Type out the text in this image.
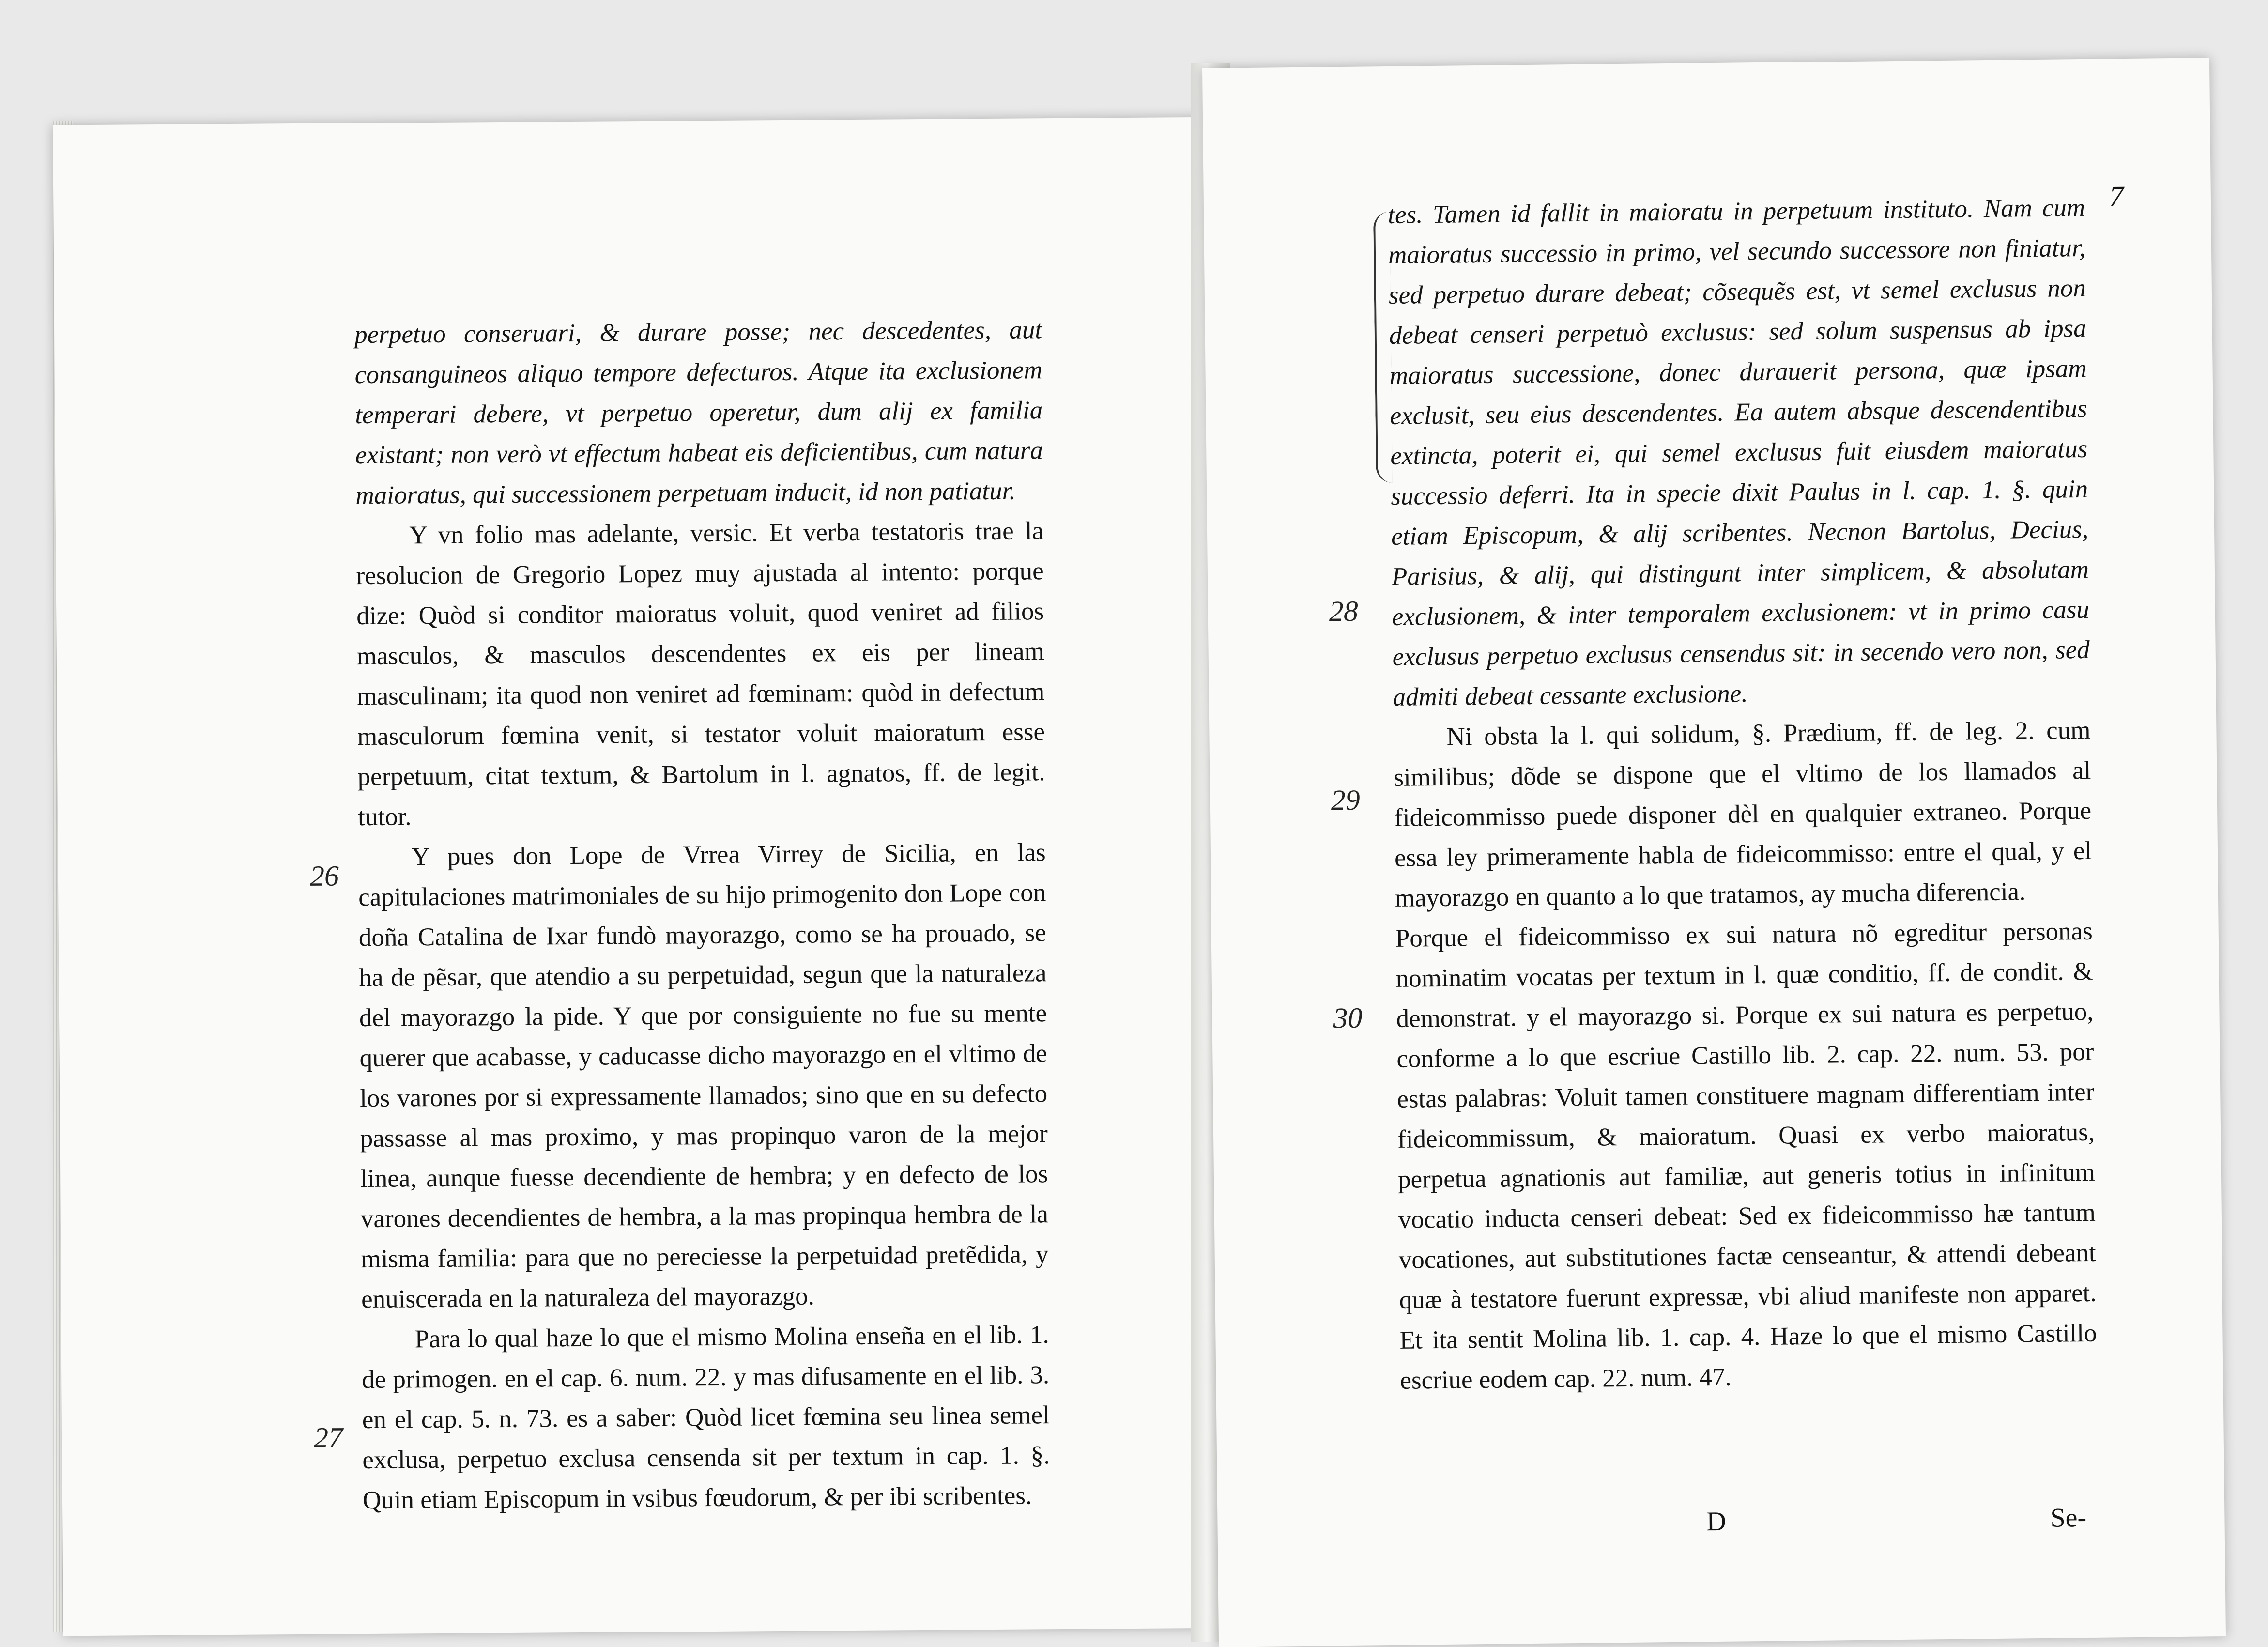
perpetuo conseruari, & durare posse; nec descedentes, aut consanguineos aliquo tempore defecturos. Atque ita exclusionem temperari debere, vt perpetuo operetur, dum alij ex familia existant; non verò vt effectum habeat eis deficientibus, cum natura maioratus, qui successionem perpetuam inducit, id non patiatur.

Y vn folio mas adelante, versic. Et verba testatoris trae la resolucion de Gregorio Lopez muy ajustada al intento: porque dize: Quòd si conditor maioratus voluit, quod veniret ad filios masculos, & masculos descendentes ex eis per lineam masculinam; ita quod non veniret ad fœminam: quòd in defectum masculorum fœmina venit, si testator voluit maioratum esse perpetuum, citat textum, & Bartolum in l. agnatos, ff. de legit. tutor.

Y pues don Lope de Vrrea Virrey de Sicilia, en las capitulaciones matrimoniales de su hijo primogenito don Lope con doña Catalina de Ixar fundò mayorazgo, como se ha prouado, se ha de pẽsar, que atendio a su perpetuidad, segun que la naturaleza del mayorazgo la pide. Y que por consiguiente no fue su mente querer que acabasse, y caducasse dicho mayorazgo en el vltimo de los varones por si expressamente llamados; sino que en su defecto passasse al mas proximo, y mas propinquo varon de la mejor linea, aunque fuesse decendiente de hembra; y en defecto de los varones decendientes de hembra, a la mas propinqua hembra de la misma familia: para que no pereciesse la perpetuidad pretẽdida, y enuiscerada en la naturaleza del mayorazgo.

Para lo qual haze lo que el mismo Molina enseña en el lib. 1. de primogen. en el cap. 6. num. 22. y mas difusamente en el lib. 3. en el cap. 5. n. 73. es a saber: Quòd licet fœmina seu linea semel exclusa, perpetuo exclusa censenda sit per textum in cap. 1. §. Quin etiam Episcopum in vsibus fœudorum, & per ibi scribentes.

26
27
7

tes. Tamen id fallit in maioratu in perpetuum instituto. Nam cum maioratus successio in primo, vel secundo successore non finiatur, sed perpetuo durare debeat; cõsequẽs est, vt semel exclusus non debeat censeri perpetuò exclusus: sed solum suspensus ab ipsa maioratus successione, donec durauerit persona, quæ ipsam exclusit, seu eius descendentes. Ea autem absque descendentibus extincta, poterit ei, qui semel exclusus fuit eiusdem maioratus successio deferri. Ita in specie dixit Paulus in l. cap. 1. §. quin etiam Episcopum, & alij scribentes. Necnon Bartolus, Decius, Parisius, & alij, qui distingunt inter simplicem, & absolutam exclusionem, & inter temporalem exclusionem: vt in primo casu exclusus perpetuo exclusus censendus sit: in secendo vero non, sed admiti debeat cessante exclusione.

Ni obsta la l. qui solidum, §. Prædium, ff. de leg. 2. cum similibus; dõde se dispone que el vltimo de los llamados al fideicommisso puede disponer dèl en qualquier extraneo. Porque essa ley primeramente habla de fideicommisso: entre el qual, y el mayorazgo en quanto a lo que tratamos, ay mucha diferencia.

Porque el fideicommisso ex sui natura nõ egreditur personas nominatim vocatas per textum in l. quæ conditio, ff. de condit. & demonstrat. y el mayorazgo si. Porque ex sui natura es perpetuo, conforme a lo que escriue Castillo lib. 2. cap. 22. num. 53. por estas palabras: Voluit tamen constituere magnam differentiam inter fideicommissum, & maioratum. Quasi ex verbo maioratus, perpetua agnationis aut familiæ, aut generis totius in infinitum vocatio inducta censeri debeat: Sed ex fideicommisso hæ tantum vocationes, aut substitutiones factæ censeantur, & attendi debeant quæ à testatore fuerunt expressæ, vbi aliud manifeste non apparet. Et ita sentit Molina lib. 1. cap. 4. Haze lo que el mismo Castillo escriue eodem cap. 22. num. 47.

28
29
30
D	Se-
